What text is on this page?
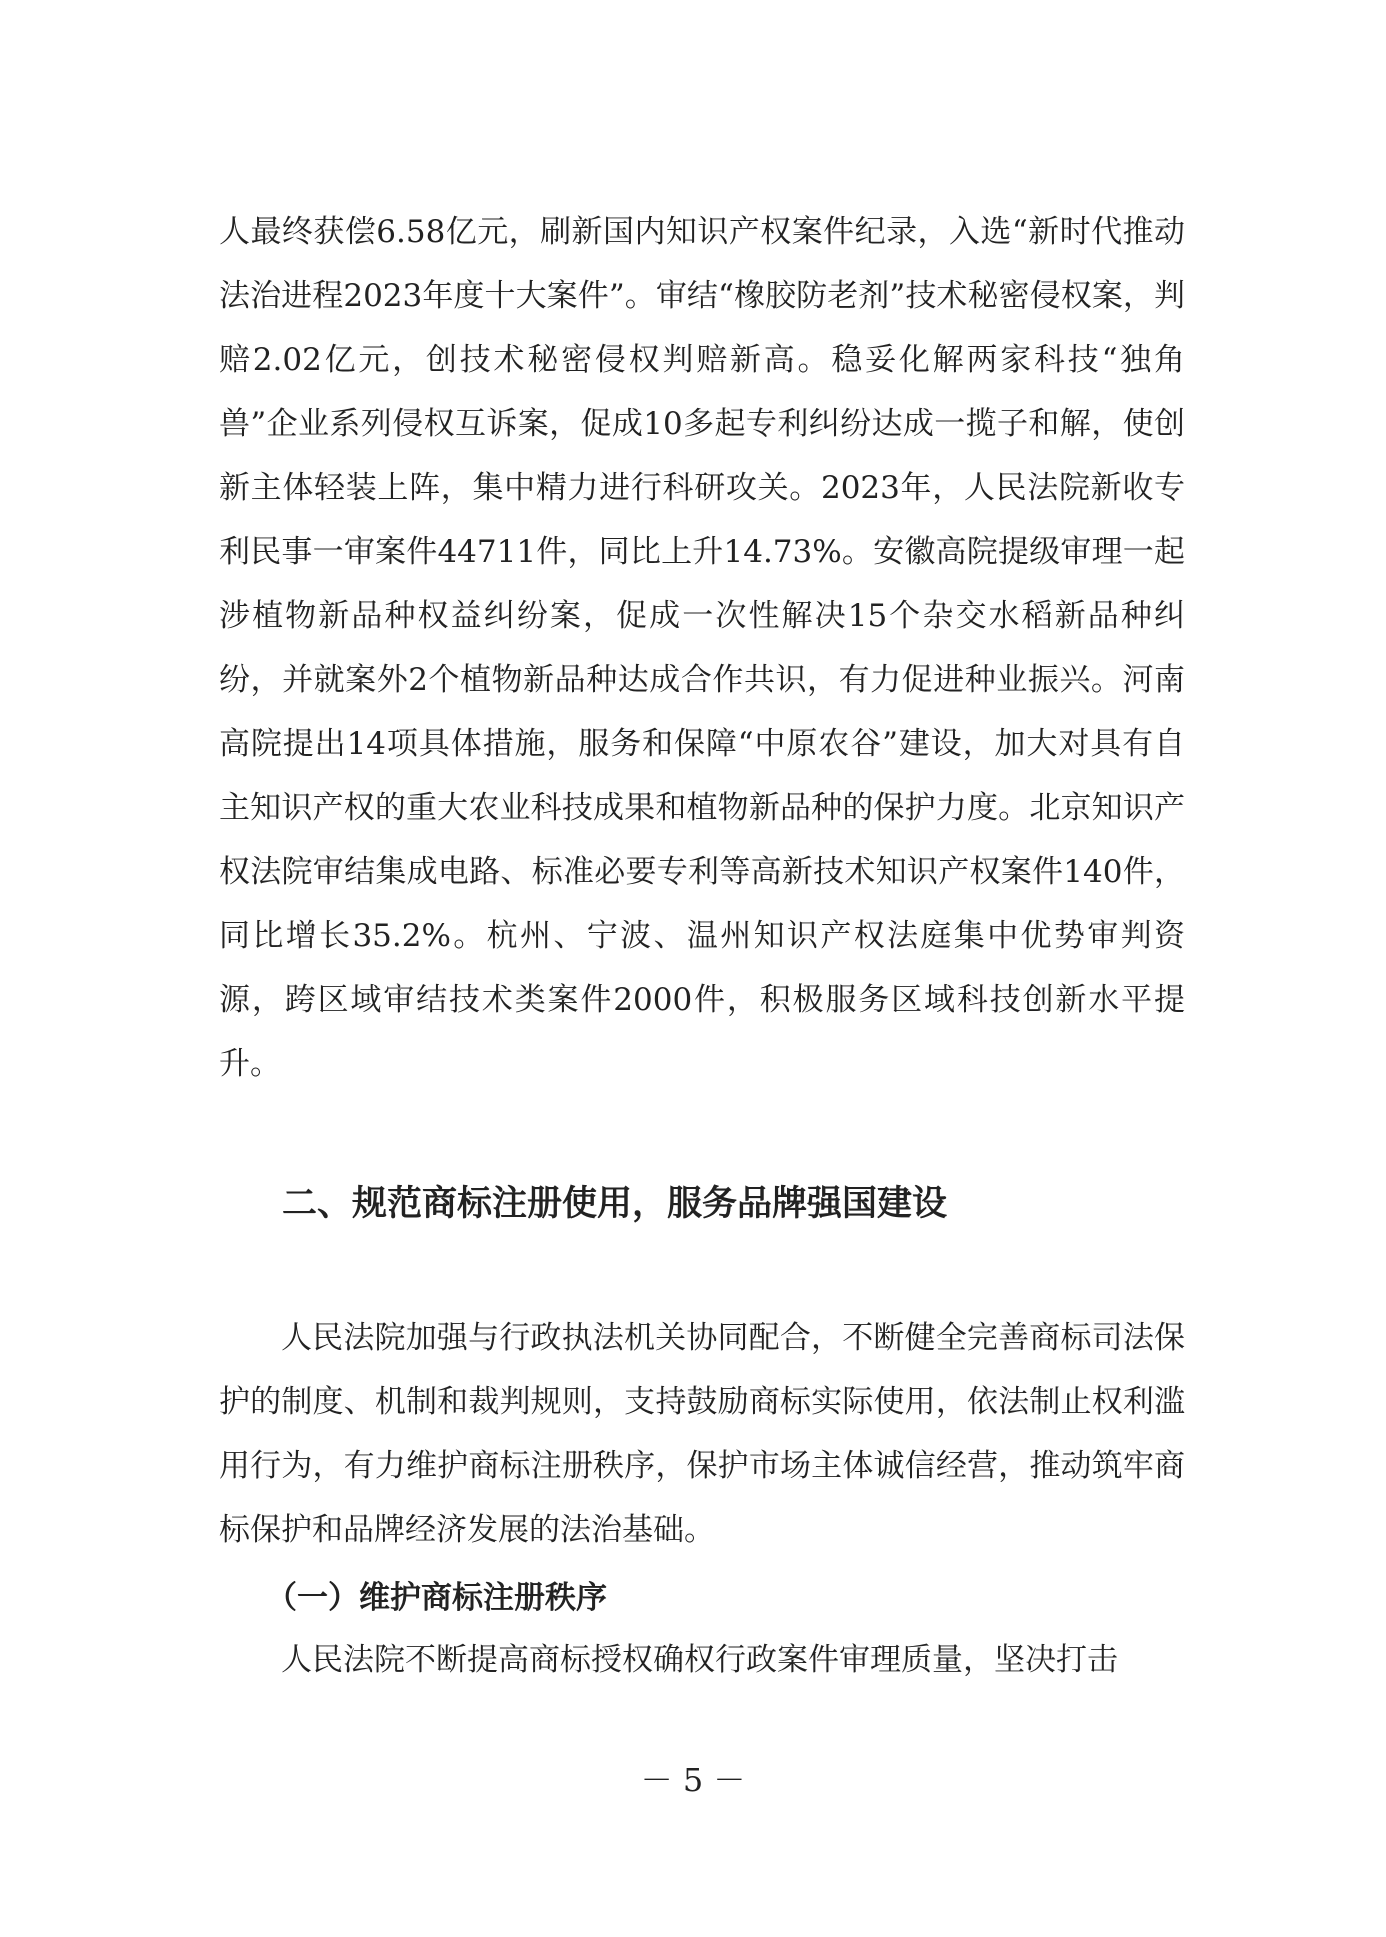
人最终获偿6.58亿元，刷新国内知识产权案件纪录，入选“新时代推动法治进程2023年度十大案件”。审结“橡胶防老剂”技术秘密侵权案，判赔2.02亿元，创技术秘密侵权判赔新高。稳妥化解两家科技“独角兽”企业系列侵权互诉案，促成10多起专利纠纷达成一揽子和解，使创新主体轻装上阵，集中精力进行科研攻关。2023年，人民法院新收专利民事一审案件44711件，同比上升14.73%。安徽高院提级审理一起涉植物新品种权益纠纷案，促成一次性解决15个杂交水稻新品种纠纷，并就案外2个植物新品种达成合作共识，有力促进种业振兴。河南高院提出14项具体措施，服务和保障“中原农谷”建设，加大对具有自主知识产权的重大农业科技成果和植物新品种的保护力度。北京知识产权法院审结集成电路、标准必要专利等高新技术知识产权案件140件，同比增长35.2%。杭州、宁波、温州知识产权法庭集中优势审判资源，跨区域审结技术类案件2000件，积极服务区域科技创新水平提升。

二、规范商标注册使用，服务品牌强国建设

人民法院加强与行政执法机关协同配合，不断健全完善商标司法保护的制度、机制和裁判规则，支持鼓励商标实际使用，依法制止权利滥用行为，有力维护商标注册秩序，保护市场主体诚信经营，推动筑牢商标保护和品牌经济发展的法治基础。

（一）维护商标注册秩序

人民法院不断提高商标授权确权行政案件审理质量，坚决打击

－ 5 －
